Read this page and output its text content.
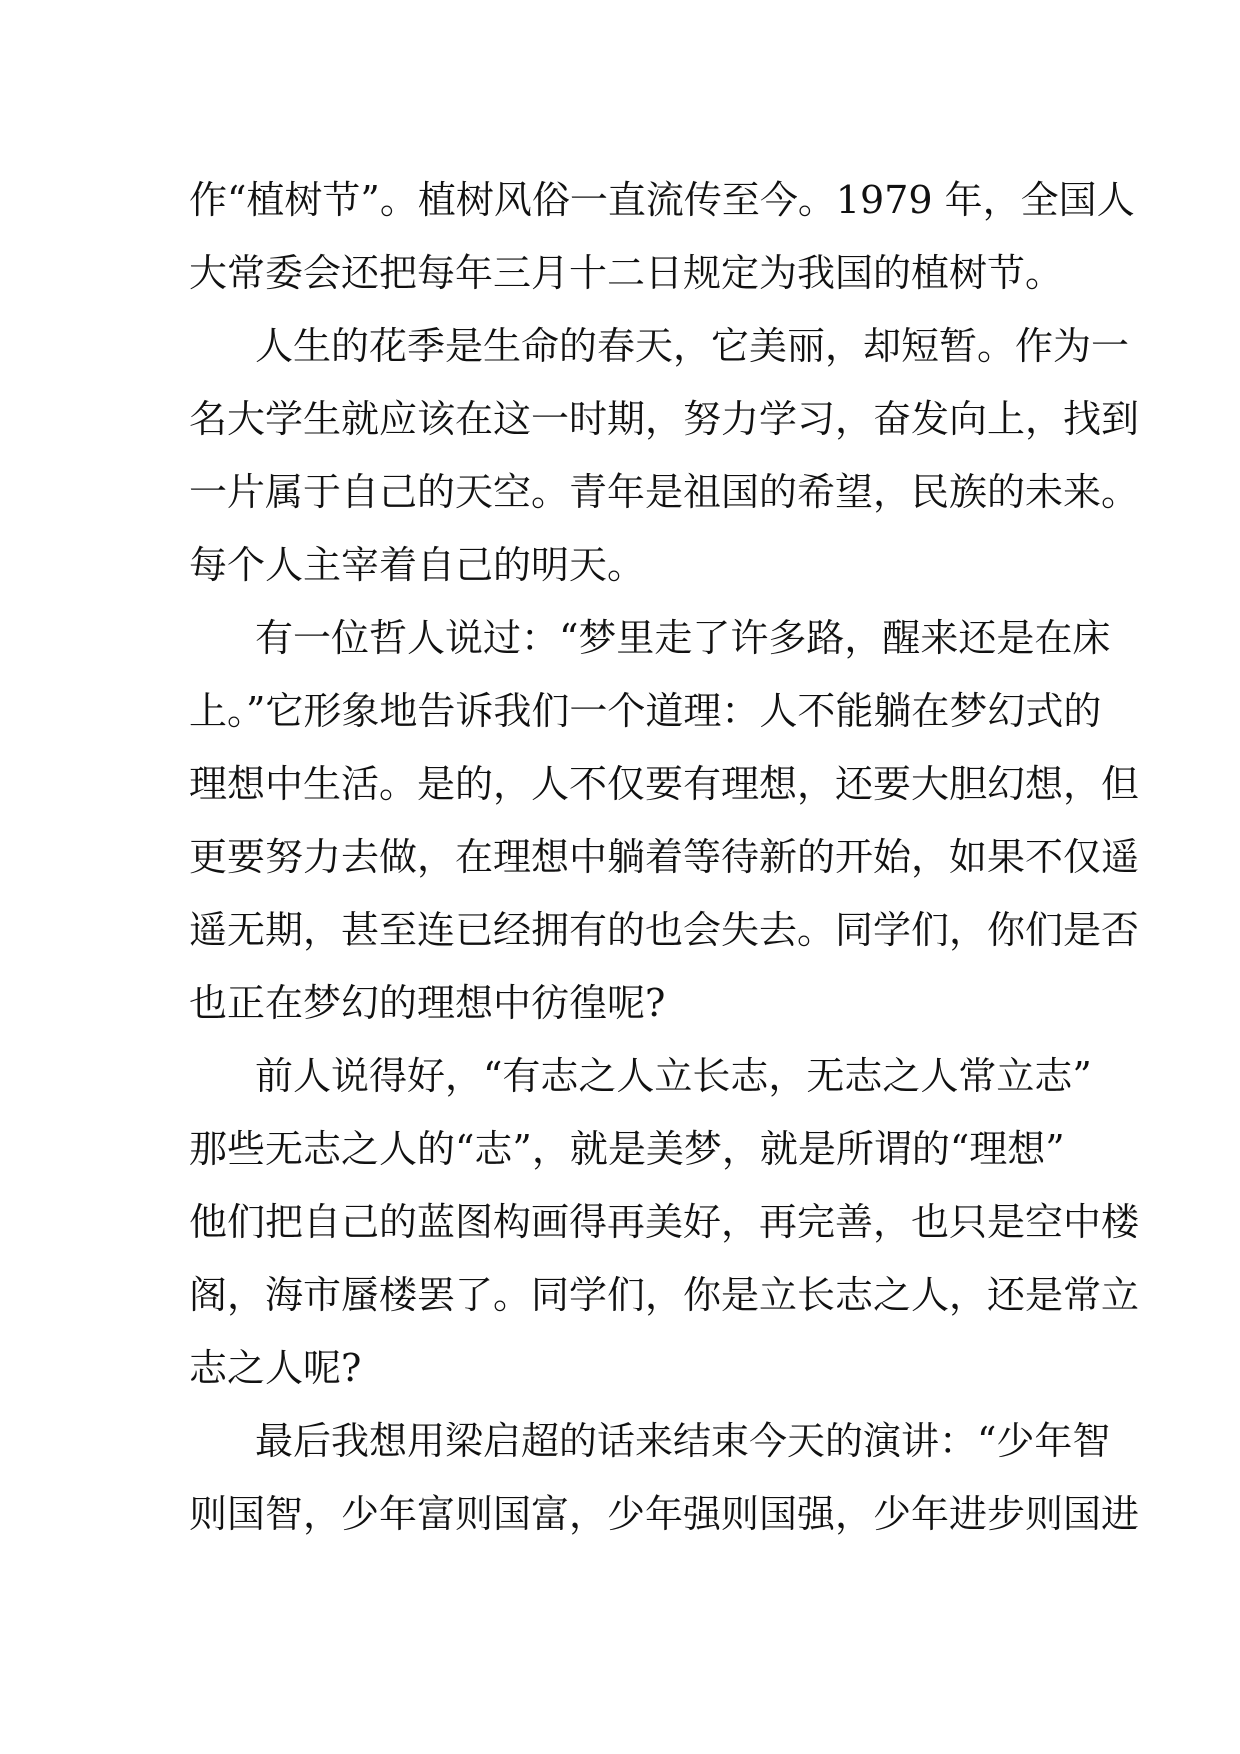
作“植树节”。植树风俗一直流传至今。1979 年，全国人
大常委会还把每年三月十二日规定为我国的植树节。
人生的花季是生命的春天，它美丽，却短暂。作为一
名大学生就应该在这一时期，努力学习，奋发向上，找到
一片属于自己的天空。青年是祖国的希望，民族的未来。
每个人主宰着自己的明天。
有一位哲人说过：“梦里走了许多路，醒来还是在床
上。”它形象地告诉我们一个道理：人不能躺在梦幻式的
理想中生活。是的，人不仅要有理想，还要大胆幻想，但
更要努力去做，在理想中躺着等待新的开始，如果不仅遥
遥无期，甚至连已经拥有的也会失去。同学们，你们是否
也正在梦幻的理想中彷徨呢?
前人说得好，“有志之人立长志，无志之人常立志”
那些无志之人的“志”，就是美梦，就是所谓的“理想”
他们把自己的蓝图构画得再美好，再完善，也只是空中楼
阁，海市蜃楼罢了。同学们，你是立长志之人，还是常立
志之人呢?
最后我想用梁启超的话来结束今天的演讲：“少年智
则国智，少年富则国富，少年强则国强，少年进步则国进
